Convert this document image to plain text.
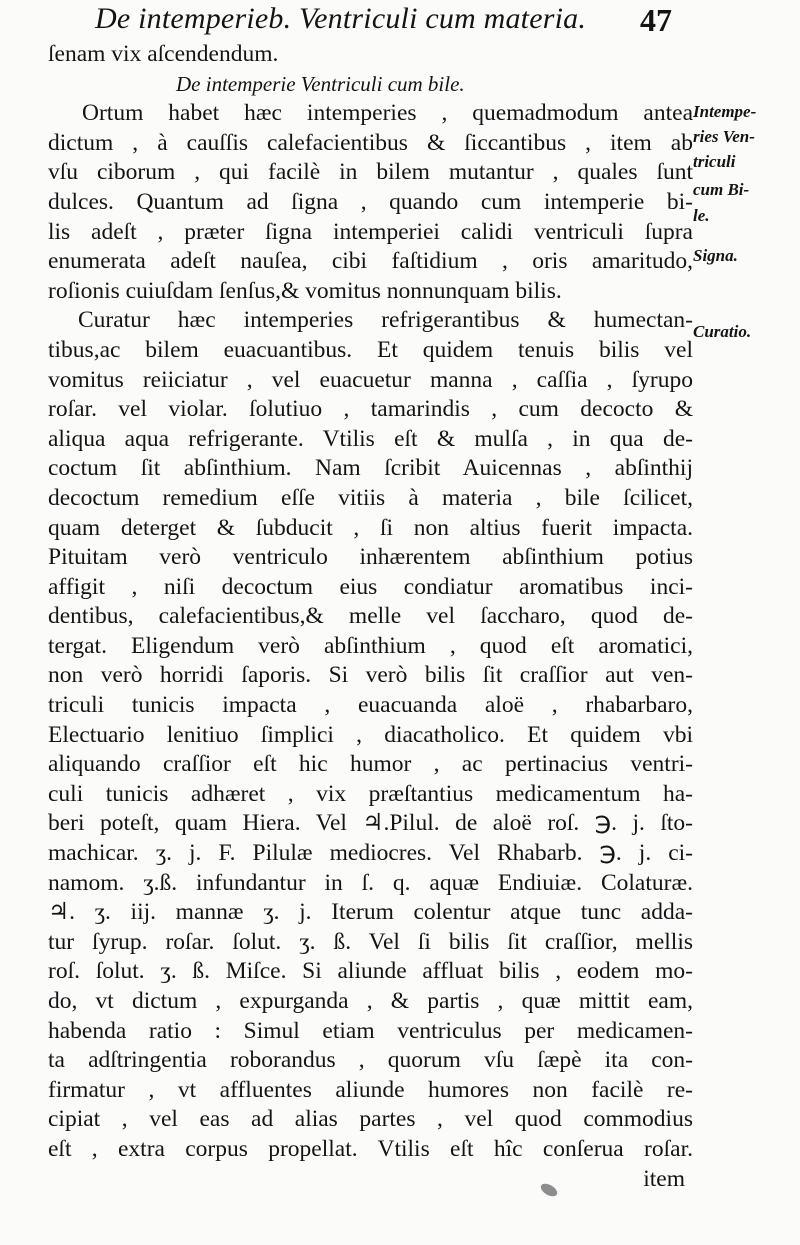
De intemperieb. Ventriculi cum materia.	47
ſenam vix aſcendendum.
De intemperie Ventriculi cum bile.
Ortum habet hæc intemperies , quemadmodum antea
dictum , à cauſſis calefacientibus & ſiccantibus , item ab
vſu ciborum , qui facilè in bilem mutantur , quales ſunt
dulces. Quantum ad ſigna , quando cum intemperie bi-
lis adeſt , præter ſigna intemperiei calidi ventriculi ſupra
enumerata adeſt nauſea, cibi faſtidium , oris amaritudo,
roſionis cuiuſdam ſenſus,& vomitus nonnunquam bilis.
Curatur hæc intemperies refrigerantibus & humectan-
tibus,ac bilem euacuantibus. Et quidem tenuis bilis vel
vomitus reiiciatur , vel euacuetur manna , caſſia , ſyrupo
roſar. vel violar. ſolutiuo , tamarindis , cum decocto &
aliqua aqua refrigerante. Vtilis eſt & mulſa , in qua de-
coctum ſit abſinthium. Nam ſcribit Auicennas , abſinthij
decoctum remedium eſſe vitiis à materia , bile ſcilicet,
quam deterget & ſubducit , ſi non altius fuerit impacta.
Pituitam verò ventriculo inhærentem abſinthium potius
affigit , niſi decoctum eius condiatur aromatibus inci-
dentibus, calefacientibus,& melle vel ſaccharo, quod de-
tergat. Eligendum verò abſinthium , quod eſt aromatici,
non verò horridi ſaporis. Si verò bilis ſit craſſior aut ven-
triculi tunicis impacta , euacuanda aloë , rhabarbaro,
Electuario lenitiuo ſimplici , diacatholico. Et quidem vbi
aliquando craſſior eſt hic humor , ac pertinacius ventri-
culi tunicis adhæret , vix præſtantius medicamentum ha-
beri poteſt, quam Hiera. Vel ♃.Pilul. de aloë roſ. ℈. j. ſto-
machicar. ʒ. j. F. Pilulæ mediocres. Vel Rhabarb. ℈. j. ci-
namom. ʒ.ß. infundantur in ſ. q. aquæ Endiuiæ. Colaturæ.
♃. ʒ. iij. mannæ ʒ. j. Iterum colentur atque tunc adda-
tur ſyrup. roſar. ſolut. ʒ. ß. Vel ſi bilis ſit craſſior, mellis
roſ. ſolut. ʒ. ß. Miſce. Si aliunde affluat bilis , eodem mo-
do, vt dictum , expurganda , & partis , quæ mittit eam,
habenda ratio : Simul etiam ventriculus per medicamen-
ta adſtringentia roborandus , quorum vſu ſæpè ita con-
firmatur , vt affluentes aliunde humores non facilè re-
cipiat , vel eas ad alias partes , vel quod commodius
eſt , extra corpus propellat. Vtilis eſt hîc conſerua roſar.
item
Intempe-
ries Ven-
triculi
cum Bi-
le.
Signa.
Curatio.
